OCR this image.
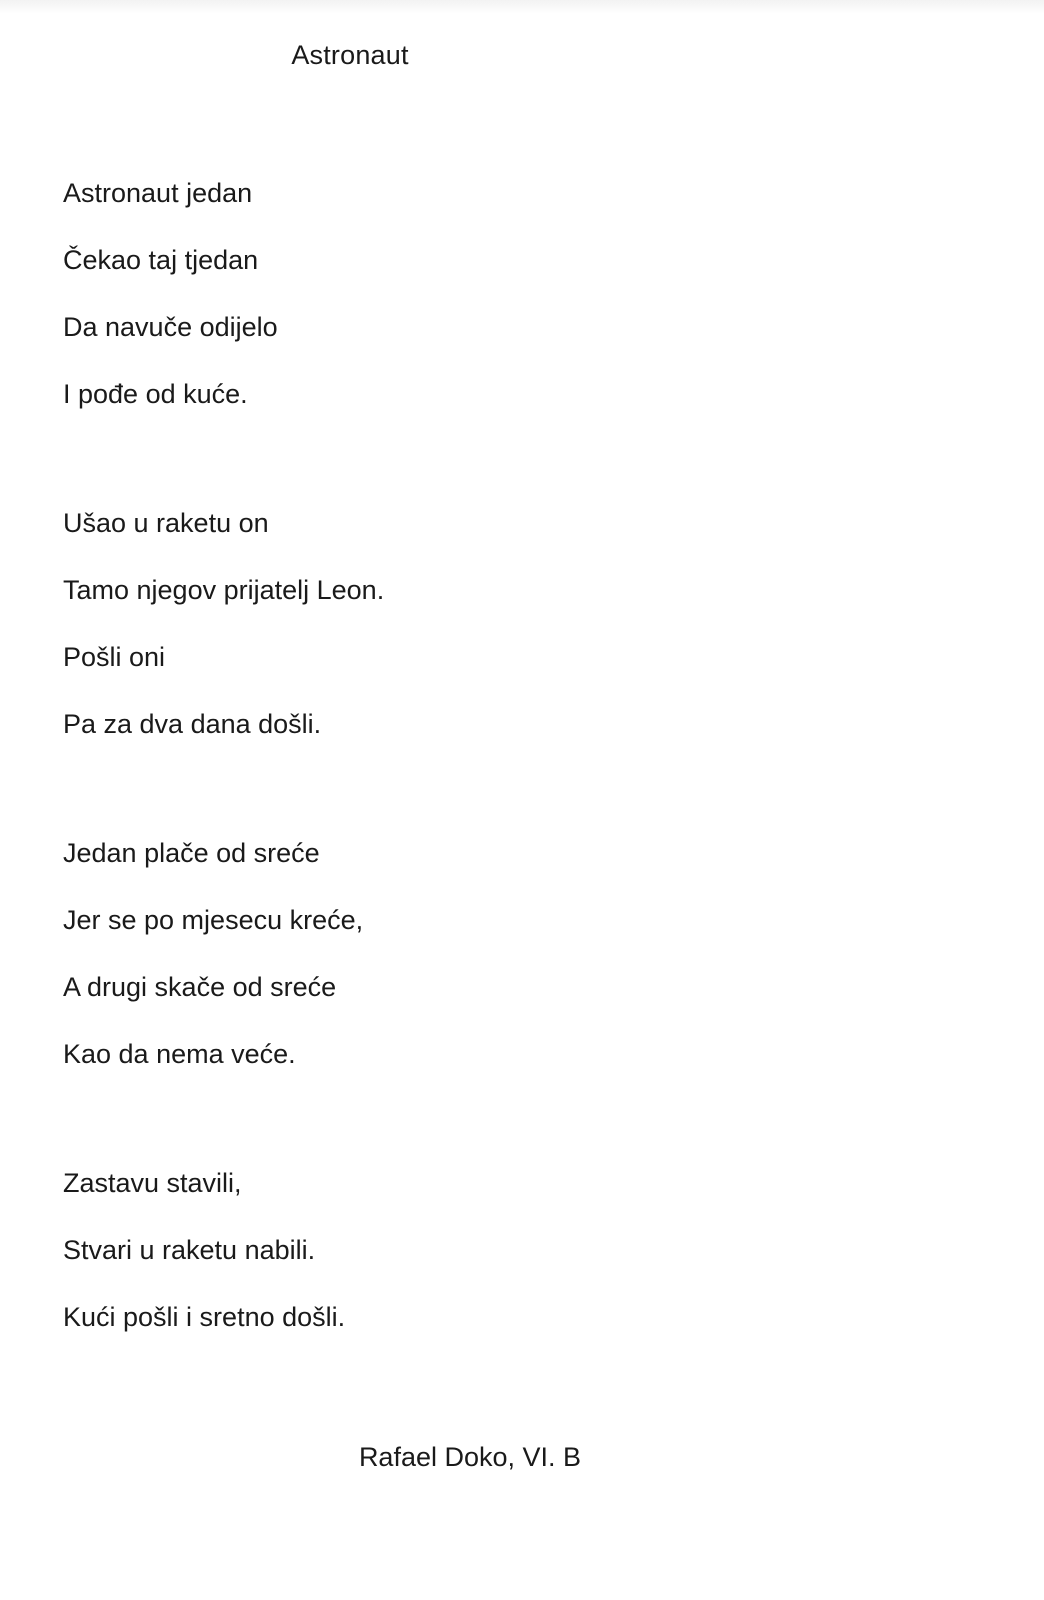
Astronaut
Astronaut jedan
Čekao taj tjedan
Da navuče odijelo
I pođe od kuće.
Ušao u raketu on
Tamo njegov prijatelj Leon.
Pošli oni
Pa za dva dana došli.
Jedan plače od sreće
Jer se po mjesecu kreće,
A drugi skače od sreće
Kao da nema veće.
Zastavu stavili,
Stvari u raketu nabili.
Kući pošli i sretno došli.
Rafael Doko, VI. B
